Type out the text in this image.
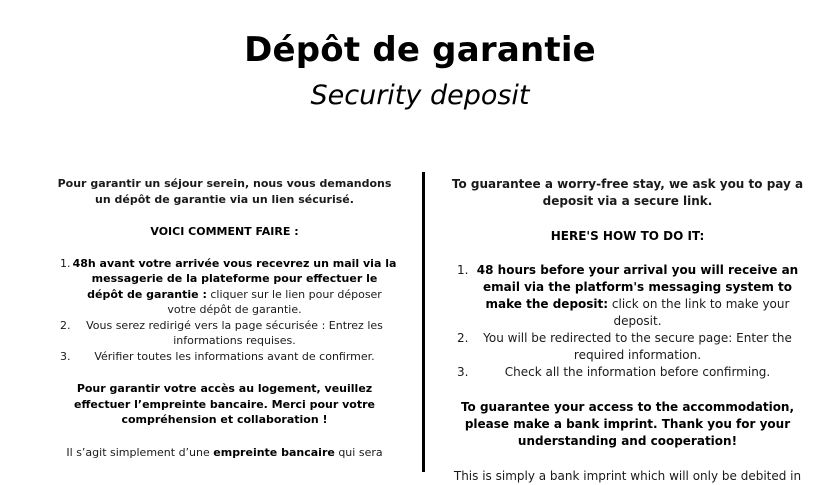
Dépôt de garantie
Security deposit

Pour garantir un séjour serein, nous vous demandons un dépôt de garantie via un lien sécurisé.

VOICI COMMENT FAIRE :

1. 48h avant votre arrivée vous recevrez un mail via la messagerie de la plateforme pour effectuer le dépôt de garantie : cliquer sur le lien pour déposer votre dépôt de garantie.
2. Vous serez redirigé vers la page sécurisée : Entrez les informations requises.
3. Vérifier toutes les informations avant de confirmer.

Pour garantir votre accès au logement, veuillez effectuer l’empreinte bancaire. Merci pour votre compréhension et collaboration !

Il s’agit simplement d’une empreinte bancaire qui sera

To guarantee a worry-free stay, we ask you to pay a deposit via a secure link.

HERE'S HOW TO DO IT:

1. 48 hours before your arrival you will receive an email via the platform's messaging system to make the deposit: click on the link to make your deposit.
2. You will be redirected to the secure page: Enter the required information.
3.	Check all the information before confirming.

To guarantee your access to the accommodation, please make a bank imprint. Thank you for your understanding and cooperation!

This is simply a bank imprint which will only be debited in
